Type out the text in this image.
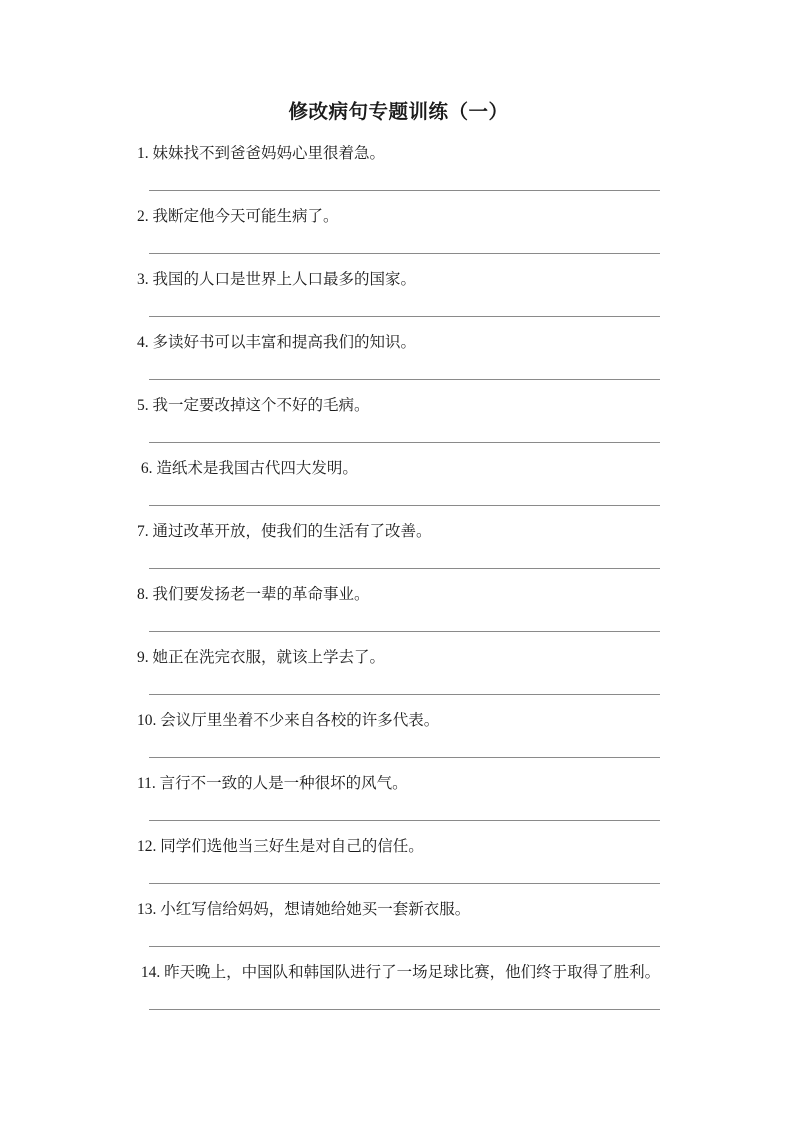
修改病句专题训练（一）
1. 妹妹找不到爸爸妈妈心里很着急。
2. 我断定他今天可能生病了。
3. 我国的人口是世界上人口最多的国家。
4. 多读好书可以丰富和提高我们的知识。
5. 我一定要改掉这个不好的毛病。
6. 造纸术是我国古代四大发明。
7. 通过改革开放，使我们的生活有了改善。
8. 我们要发扬老一辈的革命事业。
9. 她正在洗完衣服，就该上学去了。
10. 会议厅里坐着不少来自各校的许多代表。
11. 言行不一致的人是一种很坏的风气。
12. 同学们选他当三好生是对自己的信任。
13. 小红写信给妈妈，想请她给她买一套新衣服。
14. 昨天晚上，中国队和韩国队进行了一场足球比赛，他们终于取得了胜利。
